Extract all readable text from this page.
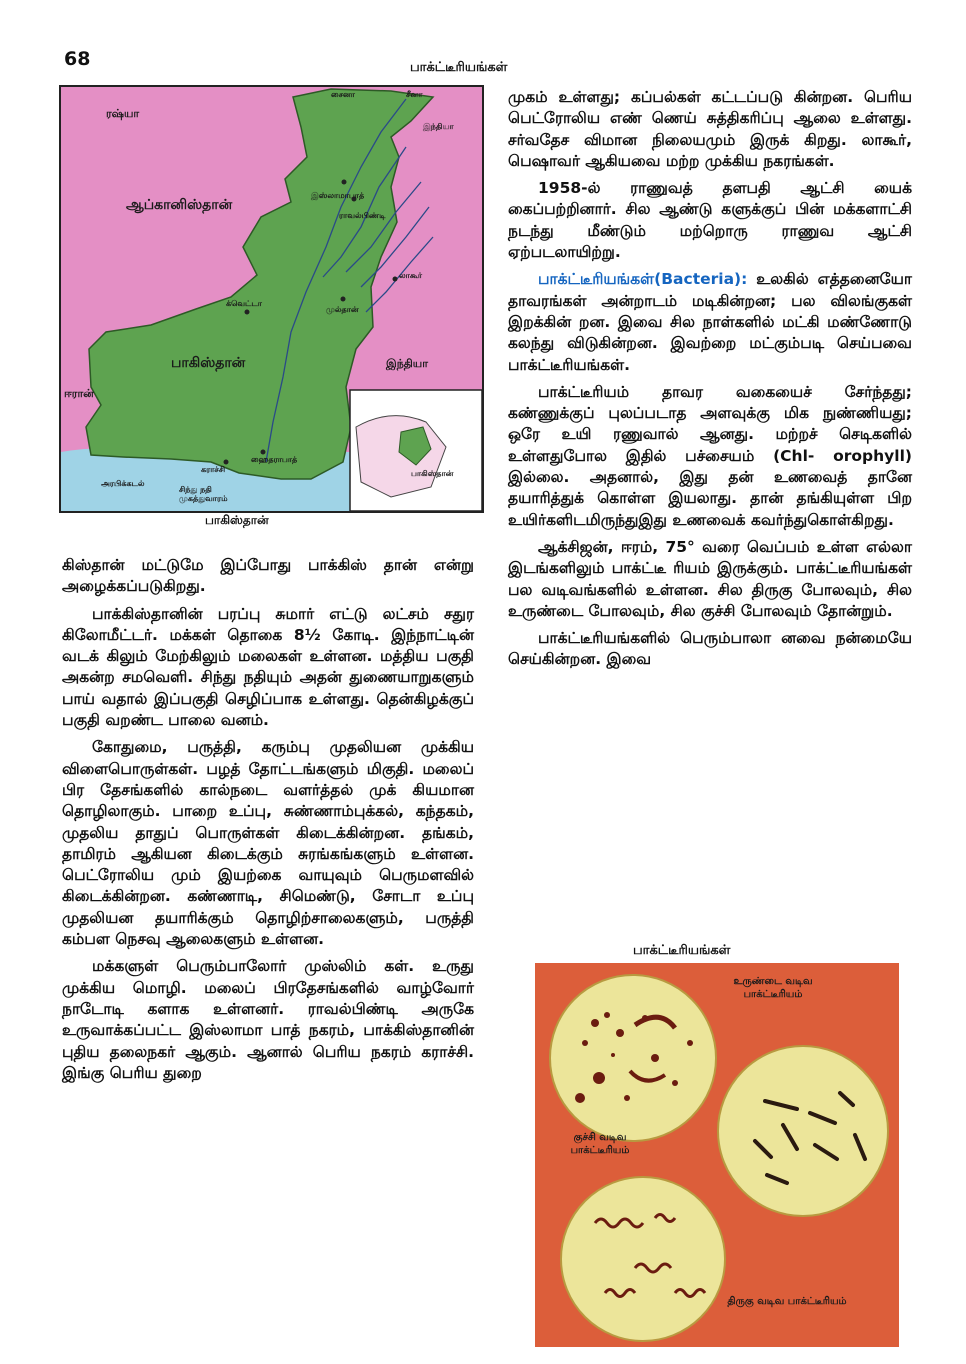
68	பாக்ட்டீரியங்கள்
ரஷ்யா
சைனா	சீனா
இந்தியா
ஆப்கானிஸ்தான்
இஸ்லாமாபாத்
ராவல்பிண்டி
லாகூர்
க்வெட்டா
முல்தான்
பாகிஸ்தான்	இந்தியா
ஈரான்
கராச்சி
ஹைதராபாத்
அரபிக்கடல்
சிந்து நதி முகத்துவாரம்
பாகிஸ்தான்
பாகிஸ்தான்

கிஸ்தான் மட்டுமே இப்போது பாக்கிஸ் தான் என்று அழைக்கப்படுகிறது.

பாக்கிஸ்தானின் பரப்பு சுமார் எட்டு லட்சம் சதுர கிலோமீட்டர். மக்கள் தொகை 8½ கோடி. இந்நாட்டின் வடக் கிலும் மேற்கிலும் மலைகள் உள்ளன. மத்திய பகுதி அகன்ற சமவெளி. சிந்து நதியும் அதன் துணையாறுகளும் பாய் வதால் இப்பகுதி செழிப்பாக உள்ளது. தென்கிழக்குப் பகுதி வறண்ட பாலை வனம்.

கோதுமை, பருத்தி, கரும்பு முதலியன முக்கிய விளைபொருள்கள். பழத் தோட்டங்களும் மிகுதி. மலைப் பிர தேசங்களில் கால்நடை வளர்த்தல் முக் கியமான தொழிலாகும். பாறை உப்பு, சுண்ணாம்புக்கல், கந்தகம், முதலிய தாதுப் பொருள்கள் கிடைக்கின்றன. தங்கம், தாமிரம் ஆகியன கிடைக்கும் சுரங்கங்களும் உள்ளன. பெட்ரோலிய மும் இயற்கை வாயுவும் பெருமளவில் கிடைக்கின்றன. கண்ணாடி, சிமெண்டு, சோடா உப்பு முதலியன தயாரிக்கும் தொழிற்சாலைகளும், பருத்தி கம்பள நெசவு ஆலைகளும் உள்ளன.

மக்களுள் பெரும்பாலோர் முஸ்லிம் கள். உருது முக்கிய மொழி. மலைப் பிரதேசங்களில் வாழ்வோர் நாடோடி களாக உள்ளனர். ராவல்பிண்டி அருகே உருவாக்கப்பட்ட இஸ்லாமா பாத் நகரம், பாக்கிஸ்தானின் புதிய தலைநகர் ஆகும். ஆனால் பெரிய நகரம் கராச்சி. இங்கு பெரிய துறை

முகம் உள்ளது; கப்பல்கள் கட்டப்படு கின்றன. பெரிய பெட்ரோலிய எண் ணெய் சுத்திகரிப்பு ஆலை உள்ளது. சர்வதேச விமான நிலையமும் இருக் கிறது. லாகூர், பெஷாவர் ஆகியவை மற்ற முக்கிய நகரங்கள்.

1958-ல் ராணுவத் தளபதி ஆட்சி யைக் கைப்பற்றினார். சில ஆண்டு களுக்குப் பின் மக்களாட்சி நடந்து மீண்டும் மற்றொரு ராணுவ ஆட்சி ஏற்படலாயிற்று.

பாக்ட்டீரியங்கள்(Bacteria): உலகில் எத்தனையோ தாவரங்கள் அன்றாடம் மடிகின்றன; பல விலங்குகள் இறக்கின் றன. இவை சில நாள்களில் மட்கி மண்ணோடு கலந்து விடுகின்றன. இவற்றை மட்கும்படி செய்பவை பாக்ட்டீரியங்கள்.

பாக்ட்டீரியம் தாவர வகையைச் சேர்ந்தது; கண்ணுக்குப் புலப்படாத அளவுக்கு மிக நுண்ணியது; ஒரே உயி ரணுவால் ஆனது. மற்றச் செடிகளில் உள்ளதுபோல இதில் பச்சையம் (Chl- orophyll) இல்லை. அதனால், இது தன் உணவைத் தானே தயாரித்துக் கொள்ள இயலாது. தான் தங்கியுள்ள பிற உயிர்களிடமிருந்துஇது உணவைக் கவர்ந்துகொள்கிறது.

ஆக்சிஜன், ஈரம், 75° வரை வெப்பம் உள்ள எல்லா இடங்களிலும் பாக்ட்டீ ரியம் இருக்கும். பாக்ட்டீரியங்கள் பல வடிவங்களில் உள்ளன. சில திருகு போலவும், சில உருண்டை போலவும், சில குச்சி போலவும் தோன்றும்.

பாக்ட்டீரியங்களில் பெரும்பாலா னவை நன்மையே செய்கின்றன. இவை

பாக்ட்டீரியங்கள்
உருண்டை வடிவ பாக்ட்டீரியம்
குச்சி வடிவ பாக்ட்டீரியம்
திருகு வடிவ பாக்ட்டீரியம்
